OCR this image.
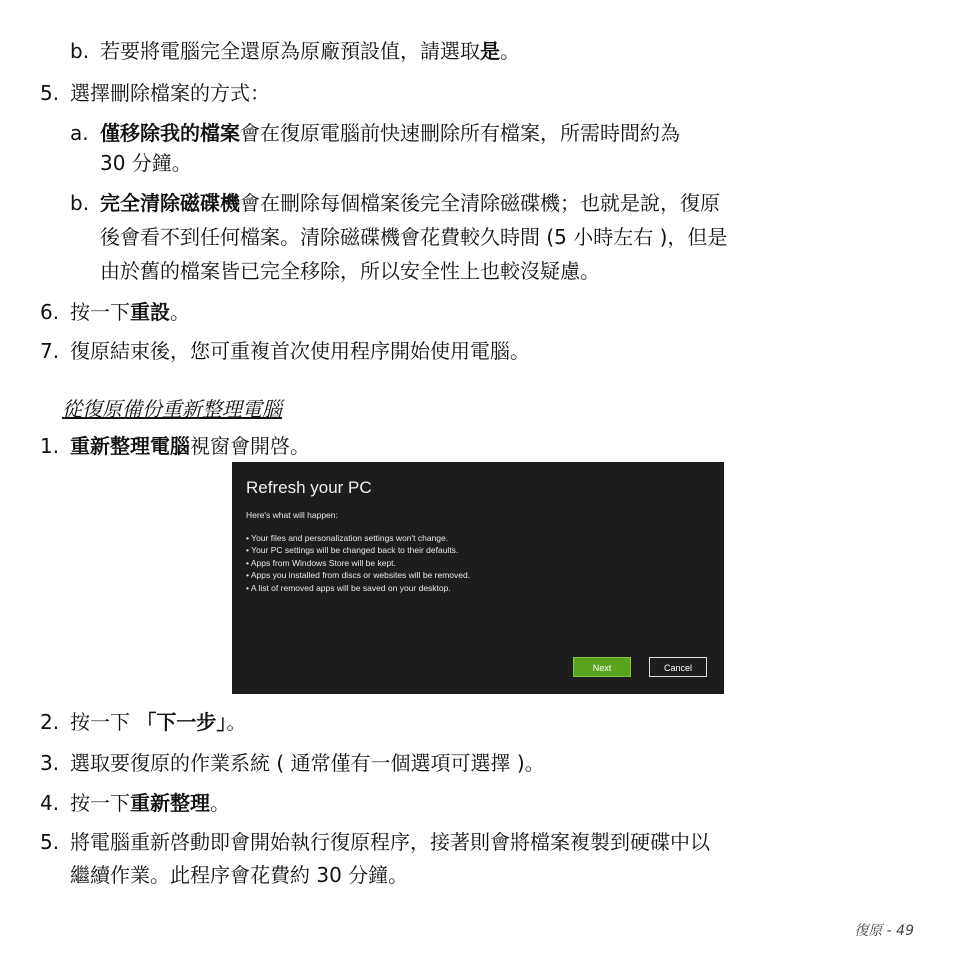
b. 若要將電腦完全還原為原廠預設值，請選取是。
5. 選擇刪除檔案的方式：
a. 僅移除我的檔案會在復原電腦前快速刪除所有檔案，所需時間約為
30 分鐘。
b. 完全清除磁碟機會在刪除每個檔案後完全清除磁碟機；也就是說，復原
後會看不到任何檔案。清除磁碟機會花費較久時間 (5 小時左右 )，但是
由於舊的檔案皆已完全移除，所以安全性上也較沒疑慮。
6. 按一下重設。
7. 復原結束後，您可重複首次使用程序開始使用電腦。
從復原備份重新整理電腦
1. 重新整理電腦視窗會開啓。
Refresh your PC
Here's what will happen:
• Your files and personalization settings won't change.
• Your PC settings will be changed back to their defaults.
• Apps from Windows Store will be kept.
• Apps you installed from discs or websites will be removed.
• A list of removed apps will be saved on your desktop.
Next	Cancel
2. 按一下 「下一步」。
3. 選取要復原的作業系統 ( 通常僅有一個選項可選擇 )。
4. 按一下重新整理。
5. 將電腦重新啓動即會開始執行復原程序，接著則會將檔案複製到硬碟中以
繼續作業。此程序會花費約 30 分鐘。
復原 - 49
